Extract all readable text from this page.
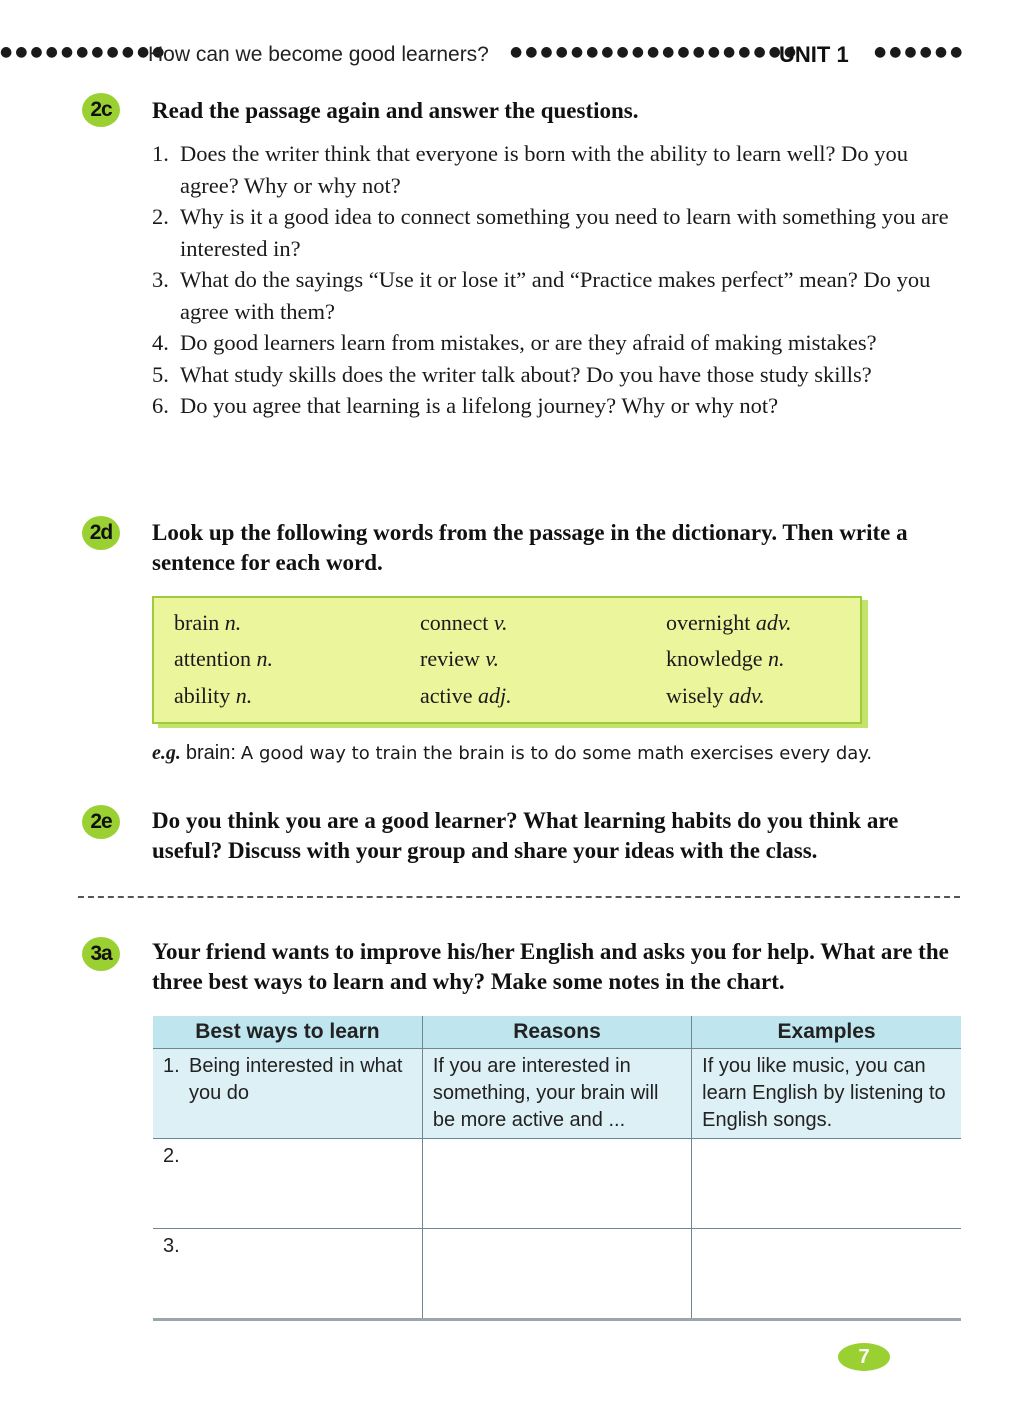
●●●●●●●●●●●
How can we become good learners? ●●●●●●●●●●●●●●●●●●●
UNIT 1 ●●●●●●
2c	Read the passage again and answer the questions.
1. Does the writer think that everyone is born with the ability to learn well? Do you agree? Why or why not?
2. Why is it a good idea to connect something you need to learn with something you are interested in?
3. What do the sayings “Use it or lose it” and “Practice makes perfect” mean? Do you agree with them?
4. Do good learners learn from mistakes, or are they afraid of making mistakes?
5. What study skills does the writer talk about? Do you have those study skills?
6. Do you agree that learning is a lifelong journey? Why or why not?
2d	Look up the following words from the passage in the dictionary. Then write a sentence for each word.
brain n.	connect v.	overnight adv.
attention n.	review v.	knowledge n.
ability n.	active adj.	wisely adv.
e.g. brain: A good way to train the brain is to do some math exercises every day.
2e	Do you think you are a good learner? What learning habits do you think are useful? Discuss with your group and share your ideas with the class.
3a	Your friend wants to improve his/her English and asks you for help. What are the three best ways to learn and why? Make some notes in the chart.
Best ways to learn	Reasons	Examples

1. Being interested in what you do	If you are interested in something, your brain will be more active and ...	If you like music, you can learn English by listening to English songs.

2.		

3.		

7
